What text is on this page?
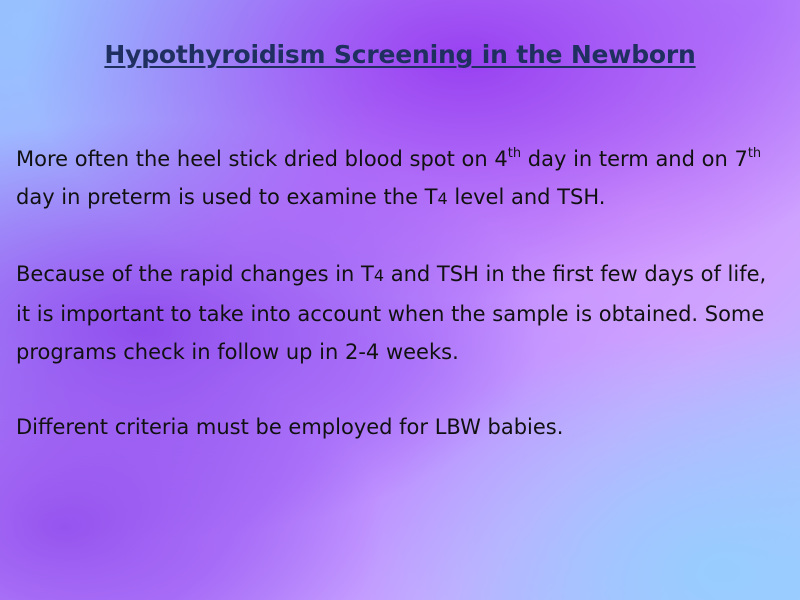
Hypothyroidism Screening in the Newborn

More often the heel stick dried blood spot on 4th day in term and on 7th day in preterm is used to examine the T4 level and TSH.

Because of the rapid changes in T4 and TSH in the first few days of life, it is important to take into account when the sample is obtained. Some programs check in follow up in 2-4 weeks.

Different criteria must be employed for LBW babies.
